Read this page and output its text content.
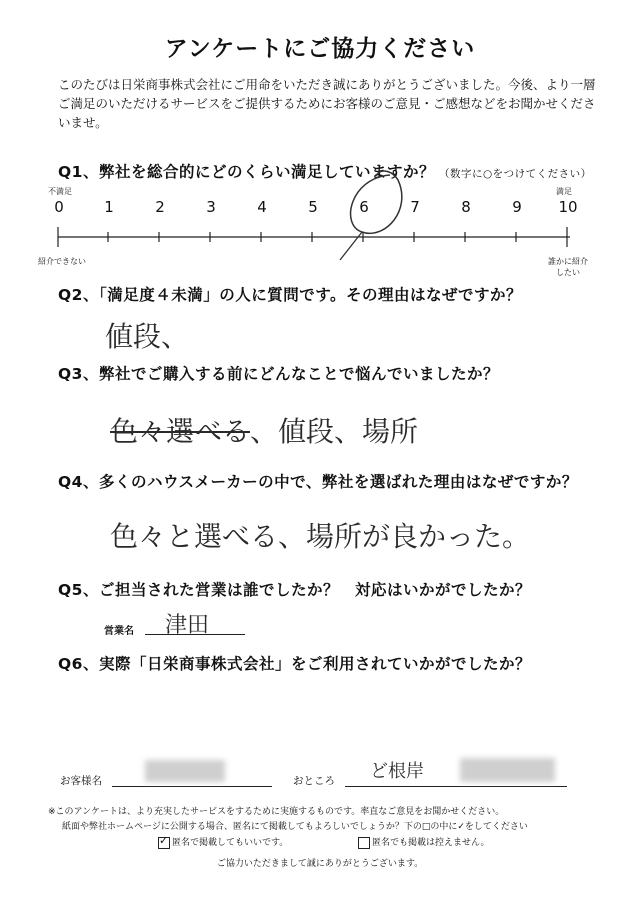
アンケートにご協力ください
このたびは日栄商事株式会社にご用命をいただき誠にありがとうございました。今後、より一層ご満足のいただけるサービスをご提供するためにお客様のご意見・ご感想などをお聞かせくださいませ。
Q1、弊社を総合的にどのくらい満足していますか？ （数字に○をつけてください）
不満足	満足
0	1	2	3	4	5	6	7	8	9	10
紹介できない	誰かに紹介したい
Q2、「満足度４未満」の人に質問です。その理由はなぜですか？
値段、
Q3、弊社でご購入する前にどんなことで悩んでいましたか？
色々選べる、値段、場所
Q4、多くのハウスメーカーの中で、弊社を選ばれた理由はなぜですか？
色々と選べる、場所が良かった。
Q5、ご担当された営業は誰でしたか？　対応はいかがでしたか？
営業名 津田
Q6、実際「日栄商事株式会社」をご利用されていかがでしたか？
お客様名	おところ ど根岸
※このアンケートは、より充実したサービスをするために実施するものです。率直なご意見をお聞かせください。
紙面や弊社ホームページに公開する場合、匿名にて掲載してもよろしいでしょうか？下の□の中に✓をしてください
✓ 匿名で掲載してもいいです。	匿名でも掲載は控えません。
ご協力いただきまして誠にありがとうございます。
